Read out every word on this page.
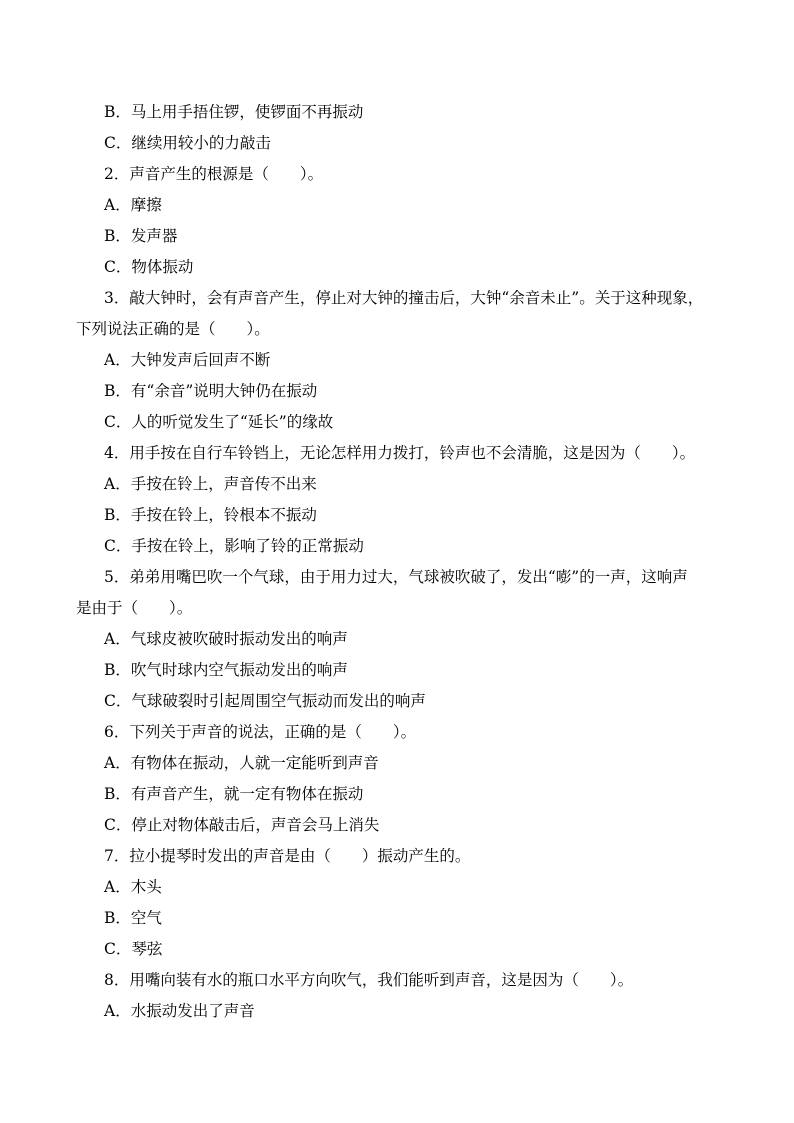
B．马上用手捂住锣，使锣面不再振动
C．继续用较小的力敲击
2．声音产生的根源是（　　）。
A．摩擦
B．发声器
C．物体振动
3．敲大钟时，会有声音产生，停止对大钟的撞击后，大钟“余音未止”。关于这种现象，
下列说法正确的是（　　）。
A．大钟发声后回声不断
B．有“余音”说明大钟仍在振动
C．人的听觉发生了“延长”的缘故
4．用手按在自行车铃铛上，无论怎样用力拨打，铃声也不会清脆，这是因为（　　）。
A．手按在铃上，声音传不出来
B．手按在铃上，铃根本不振动
C．手按在铃上，影响了铃的正常振动
5．弟弟用嘴巴吹一个气球，由于用力过大，气球被吹破了，发出“嘭”的一声，这响声
是由于（　　）。
A．气球皮被吹破时振动发出的响声
B．吹气时球内空气振动发出的响声
C．气球破裂时引起周围空气振动而发出的响声
6．下列关于声音的说法，正确的是（　　）。
A．有物体在振动，人就一定能听到声音
B．有声音产生，就一定有物体在振动
C．停止对物体敲击后，声音会马上消失
7．拉小提琴时发出的声音是由（　　）振动产生的。
A．木头
B．空气
C．琴弦
8．用嘴向装有水的瓶口水平方向吹气，我们能听到声音，这是因为（　　）。
A．水振动发出了声音
